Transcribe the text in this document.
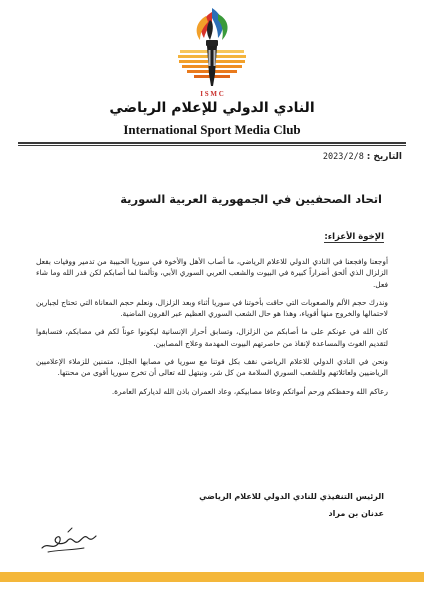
I S M C
النادي الدولي للإعلام الرياضي
International Sport Media Club
التاريخ : 2023/2/8
اتحاد الصحفيين في الجمهورية العربية السورية
الإخوة الأعزاء:

أوجعنا وافجعنا في النادي الدولي للاعلام الرياضي، ما أصاب الأهل والأخوة في سوريا الحبيبة من تدمير ووفيات بفعل الزلزال الذي ألحق أضراراً كبيرة في البيوت والشعب العربي السوري الأبي، وتألمنا لما أصابكم لكن قدر الله وما شاء فعل.

وندرك حجم الألم والصعوبات التي حاقت بأخوتنا في سوريا أثناء وبعد الزلزال، ونعلم حجم المعاناة التي تحتاج لجبارين لاحتمالها والخروج منها أقوياء، وهذا هو حال الشعب السوري العظيم عبر القرون الماضية.

كان الله في عونكم على ما أصابكم من الزلزال، وتسابق أحرار الإنسانية ليكونوا عوناً لكم في مصابكم، فتسابقوا لتقديم الغوث والمساعدة لإنقاذ من حاصرتهم البيوت المهدمة وعلاج المصابين.

ونحن في النادي الدولي للاعلام الرياضي نقف بكل قوتنا مع سوريا في مصابها الجلل، متمنين للزملاء الإعلاميين الرياضيين ولعائلاتهم وللشعب السوري السلامة من كل شر، ونبتهل لله تعالى أن تخرج سوريا أقوى من محنتها.

رعاكم الله وحفظكم ورحم أمواتكم وعافا مصابيكم، وعاد العمران باذن الله لدياركم العامرة.

الرئيس التنفيذي للنادي الدولي للاعلام الرياضي
عدنان بن مراد
